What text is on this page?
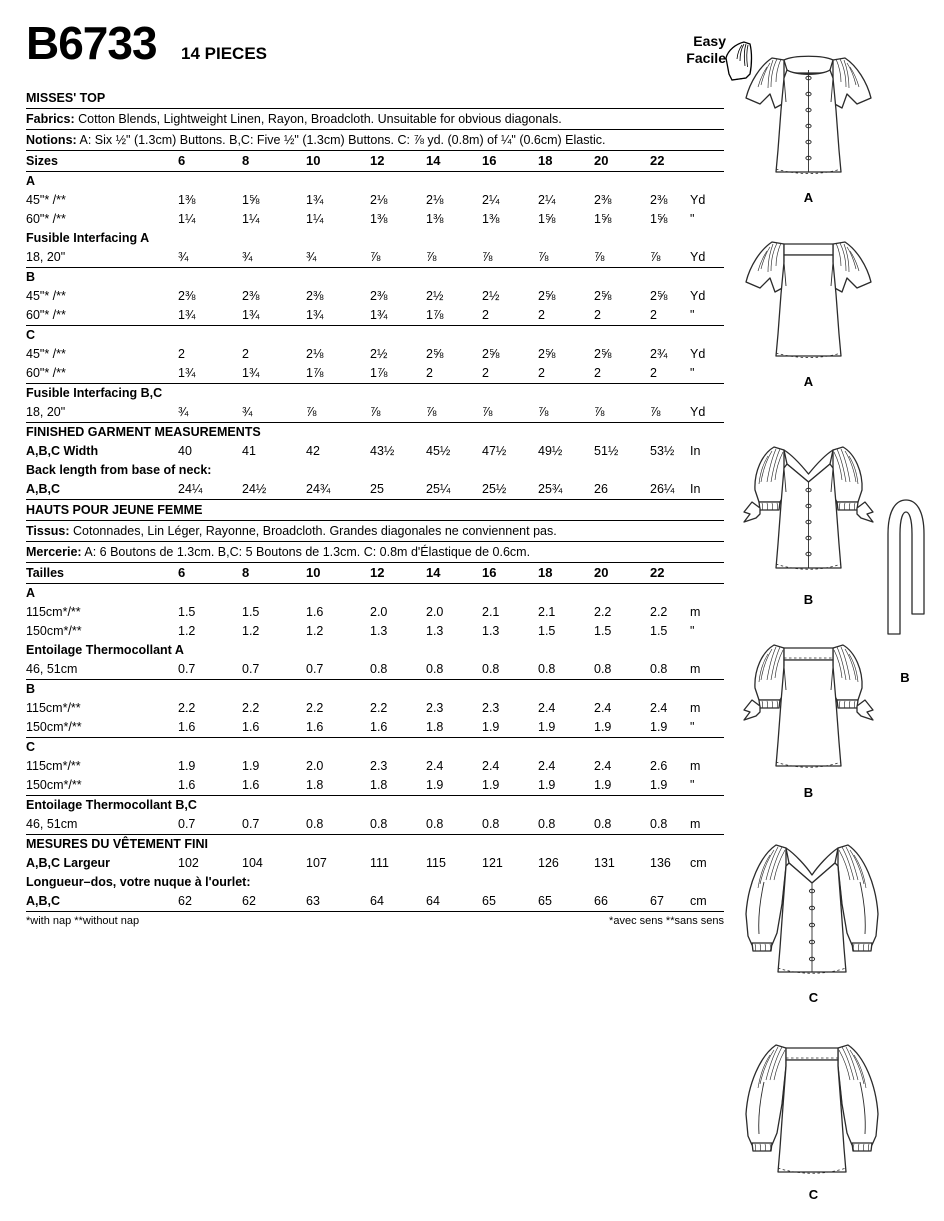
B6733 14 PIECES
Easy
Facile
MISSES' TOP
Fabrics: Cotton Blends, Lightweight Linen, Rayon, Broadcloth. Unsuitable for obvious diagonals.
Notions: A: Six ½" (1.3cm) Buttons. B,C: Five ½" (1.3cm) Buttons. C: ⅞ yd. (0.8m) of ¼" (0.6cm) Elastic.
Sizes	6	8	10	12	14	16	18	20	22
A
45"* /**	1⅜	1⅝	1¾	2⅛	2⅛	2¼	2¼	2⅜	2⅜	Yd
60"* /**	1¼	1¼	1¼	1⅜	1⅜	1⅜	1⅝	1⅝	1⅝	"
Fusible Interfacing A
18, 20"	¾	¾	¾	⅞	⅞	⅞	⅞	⅞	⅞	Yd
B
45"* /**	2⅜	2⅜	2⅜	2⅜	2½	2½	2⅝	2⅝	2⅝	Yd
60"* /**	1¾	1¾	1¾	1¾	1⅞	2	2	2	2	"
C
45"* /**	2	2	2⅛	2½	2⅝	2⅝	2⅝	2⅝	2¾	Yd
60"* /**	1¾	1¾	1⅞	1⅞	2	2	2	2	2	"
Fusible Interfacing B,C
18, 20"	¾	¾	⅞	⅞	⅞	⅞	⅞	⅞	⅞	Yd
FINISHED GARMENT MEASUREMENTS
A,B,C Width	40	41	42	43½	45½	47½	49½	51½	53½	In
Back length from base of neck:
A,B,C	24¼	24½	24¾	25	25¼	25½	25¾	26	26¼	In
HAUTS POUR JEUNE FEMME
Tissus: Cotonnades, Lin Léger, Rayonne, Broadcloth. Grandes diagonales ne conviennent pas.
Mercerie: A: 6 Boutons de 1.3cm. B,C: 5 Boutons de 1.3cm. C: 0.8m d'Élastique de 0.6cm.
Tailles	6	8	10	12	14	16	18	20	22
A
115cm*/**	1.5	1.5	1.6	2.0	2.0	2.1	2.1	2.2	2.2	m
150cm*/**	1.2	1.2	1.2	1.3	1.3	1.3	1.5	1.5	1.5	"
Entoilage Thermocollant A
46, 51cm	0.7	0.7	0.7	0.8	0.8	0.8	0.8	0.8	0.8	m
B
115cm*/**	2.2	2.2	2.2	2.2	2.3	2.3	2.4	2.4	2.4	m
150cm*/**	1.6	1.6	1.6	1.6	1.8	1.9	1.9	1.9	1.9	"
C
115cm*/**	1.9	1.9	2.0	2.3	2.4	2.4	2.4	2.4	2.6	m
150cm*/**	1.6	1.6	1.8	1.8	1.9	1.9	1.9	1.9	1.9	"
Entoilage Thermocollant B,C
46, 51cm	0.7	0.7	0.8	0.8	0.8	0.8	0.8	0.8	0.8	m
MESURES DU VÊTEMENT FINI
A,B,C Largeur	102	104	107	111	115	121	126	131	136	cm
Longueur–dos, votre nuque à l'ourlet:
A,B,C	62	62	63	64	64	65	65	66	67	cm
*with nap **without nap	*avec sens **sans sens
A
A
B
B
B
C
C
